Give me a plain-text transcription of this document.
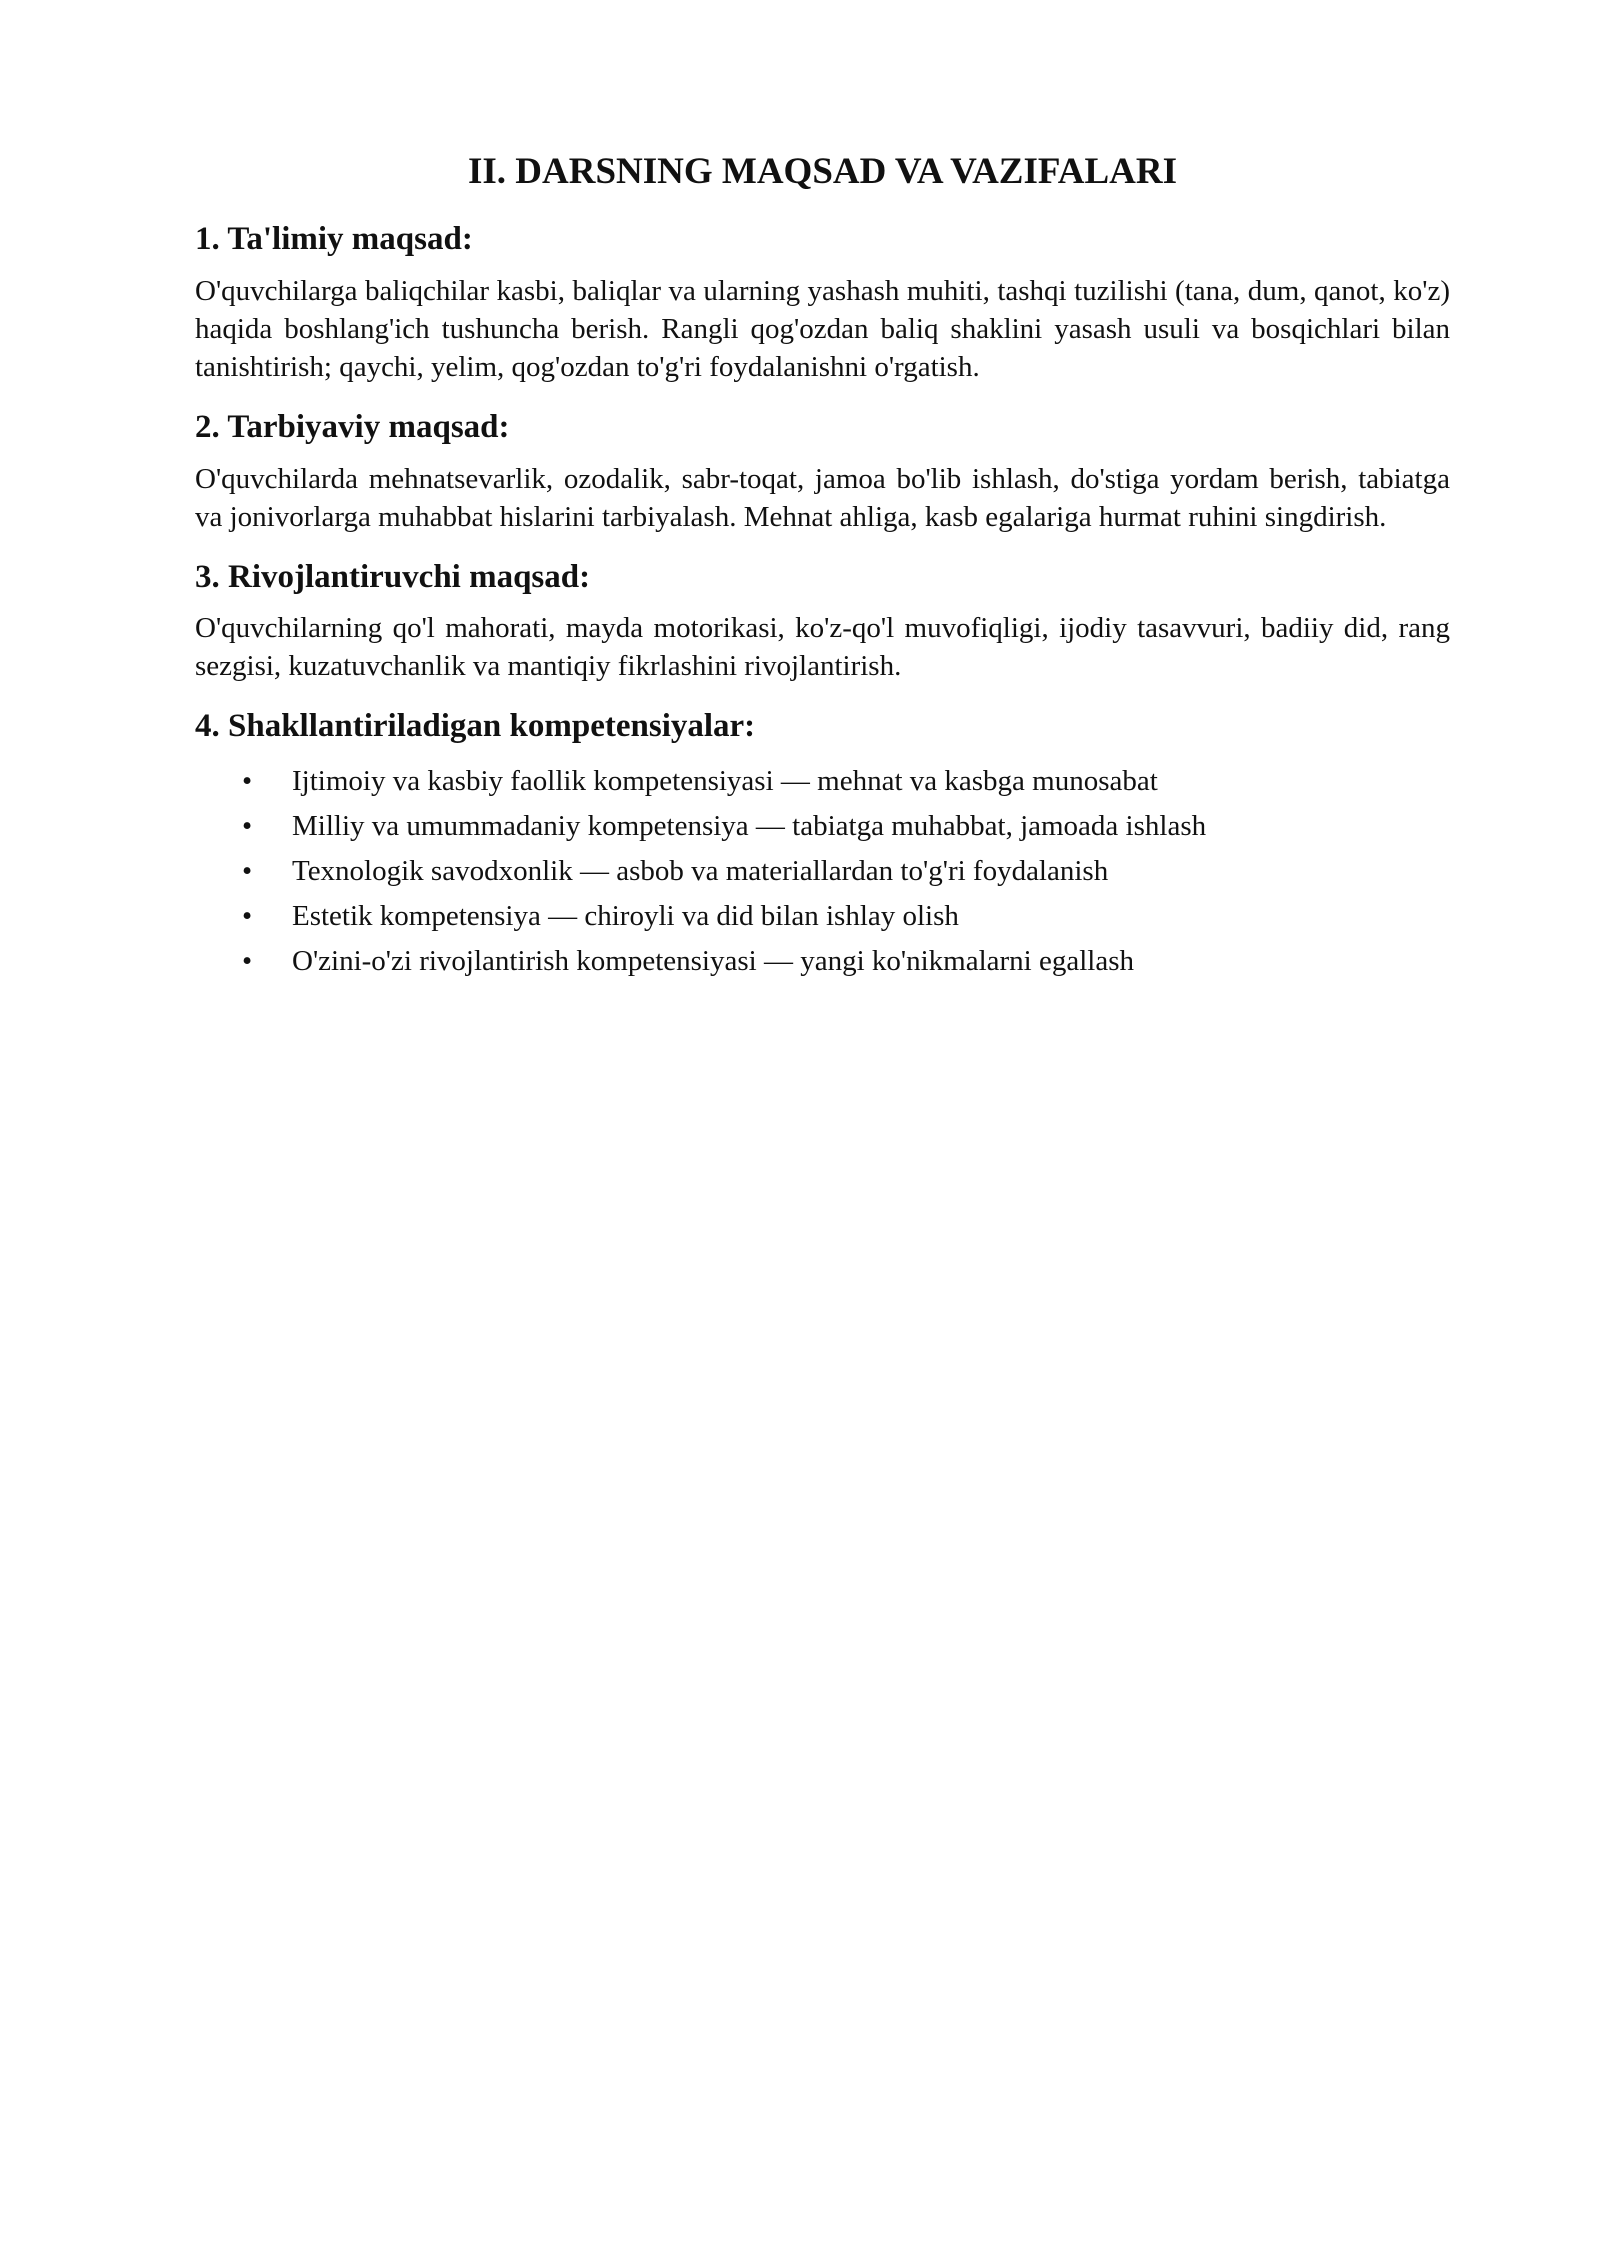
II. DARSNING MAQSAD VA VAZIFALARI
1. Ta'limiy maqsad:

O'quvchilarga baliqchilar kasbi, baliqlar va ularning yashash muhiti, tashqi tuzilishi (tana, dum, qanot, ko'z) haqida boshlang'ich tushuncha berish. Rangli qog'ozdan baliq shaklini yasash usuli va bosqichlari bilan tanishtirish; qaychi, yelim, qog'ozdan to'g'ri foydalanishni o'rgatish.

2. Tarbiyaviy maqsad:

O'quvchilarda mehnatsevarlik, ozodalik, sabr-toqat, jamoa bo'lib ishlash, do'stiga yordam berish, tabiatga va jonivorlarga muhabbat hislarini tarbiyalash. Mehnat ahliga, kasb egalariga hurmat ruhini singdirish.

3. Rivojlantiruvchi maqsad:

O'quvchilarning qo'l mahorati, mayda motorikasi, ko'z-qo'l muvofiqligi, ijodiy tasavvuri, badiiy did, rang sezgisi, kuzatuvchanlik va mantiqiy fikrlashini rivojlantirish.

4. Shakllantiriladigan kompetensiyalar:
• Ijtimoiy va kasbiy faollik kompetensiyasi — mehnat va kasbga munosabat
• Milliy va umummadaniy kompetensiya — tabiatga muhabbat, jamoada ishlash
• Texnologik savodxonlik — asbob va materiallardan to'g'ri foydalanish
• Estetik kompetensiya — chiroyli va did bilan ishlay olish
• O'zini-o'zi rivojlantirish kompetensiyasi — yangi ko'nikmalarni egallash
